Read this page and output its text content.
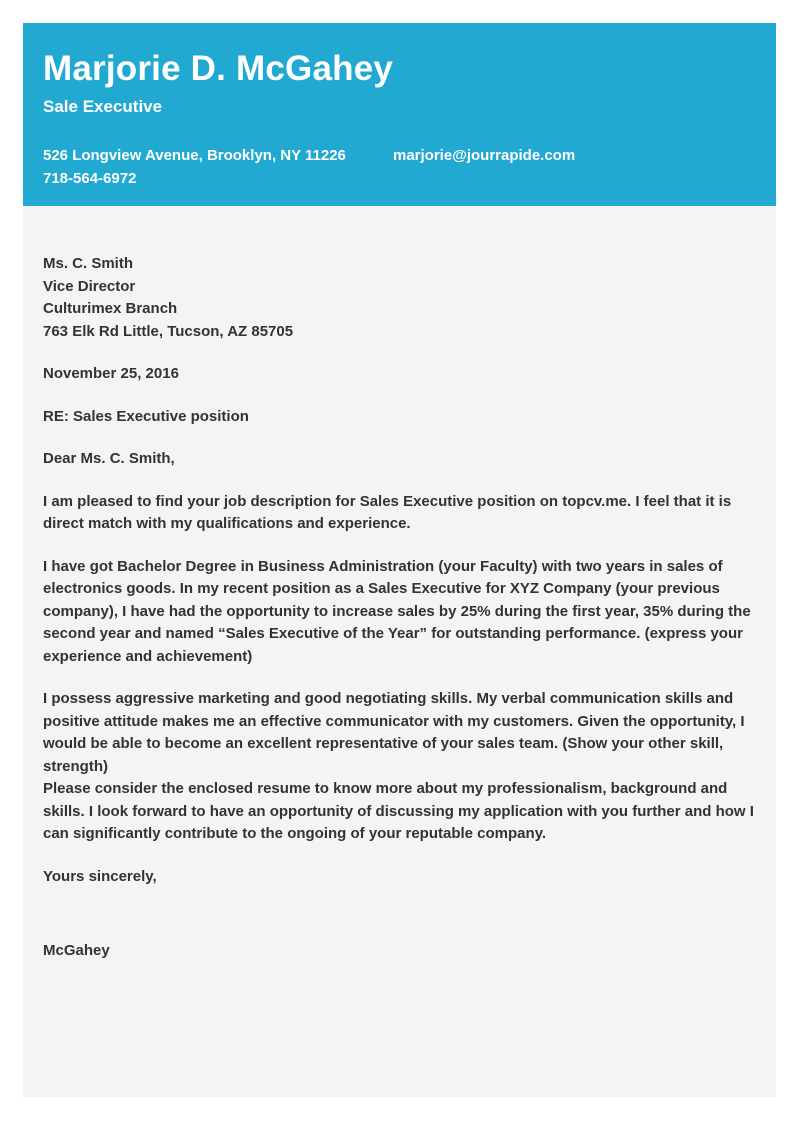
Marjorie D. McGahey
Sale Executive
526 Longview Avenue, Brooklyn, NY 11226	marjorie@jourrapide.com
718-564-6972

Ms. C. Smith

Vice Director

Culturimex Branch

763 Elk Rd Little, Tucson, AZ 85705

November 25, 2016

RE: Sales Executive position

Dear Ms. C. Smith,

I am pleased to find your job description for Sales Executive position on topcv.me. I feel that it is direct match with my qualifications and experience.

I have got Bachelor Degree in Business Administration (your Faculty) with two years in sales of electronics goods. In my recent position as a Sales Executive for XYZ Company (your previous company), I have had the opportunity to increase sales by 25% during the first year, 35% during the second year and named “Sales Executive of the Year” for outstanding performance. (express your experience and achievement)

I possess aggressive marketing and good negotiating skills. My verbal communication skills and positive attitude makes me an effective communicator with my customers. Given the opportunity, I would be able to become an excellent representative of your sales team. (Show your other skill, strength)

Please consider the enclosed resume to know more about my professionalism, background and skills. I look forward to have an opportunity of discussing my application with you further and how I can significantly contribute to the ongoing of your reputable company.

Yours sincerely,

McGahey
